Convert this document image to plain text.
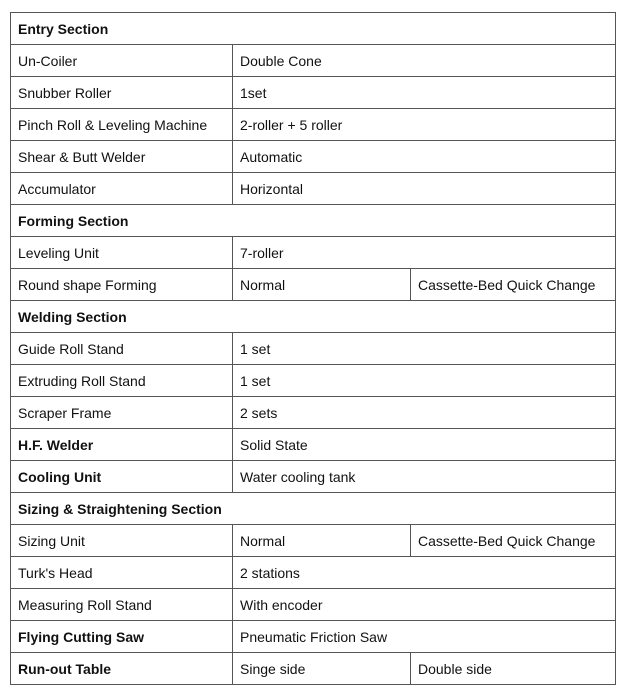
Entry Section		
Un-Coiler	Double Cone	
Snubber Roller	1set	
Pinch Roll & Leveling Machine	2-roller + 5 roller	
Shear & Butt Welder	Automatic	
Accumulator	Horizontal	
Forming Section		
Leveling Unit	7-roller	
Round shape Forming	Normal	Cassette-Bed Quick Change
Welding Section		
Guide Roll Stand	1 set	
Extruding Roll Stand	1 set	
Scraper Frame	2 sets	
H.F. Welder	Solid State	
Cooling Unit	Water cooling tank	
Sizing & Straightening Section		
Sizing Unit	Normal	Cassette-Bed Quick Change
Turk's Head	2 stations	
Measuring Roll Stand	With encoder	
Flying Cutting Saw	Pneumatic Friction Saw	
Run-out Table	Singe side	Double side
